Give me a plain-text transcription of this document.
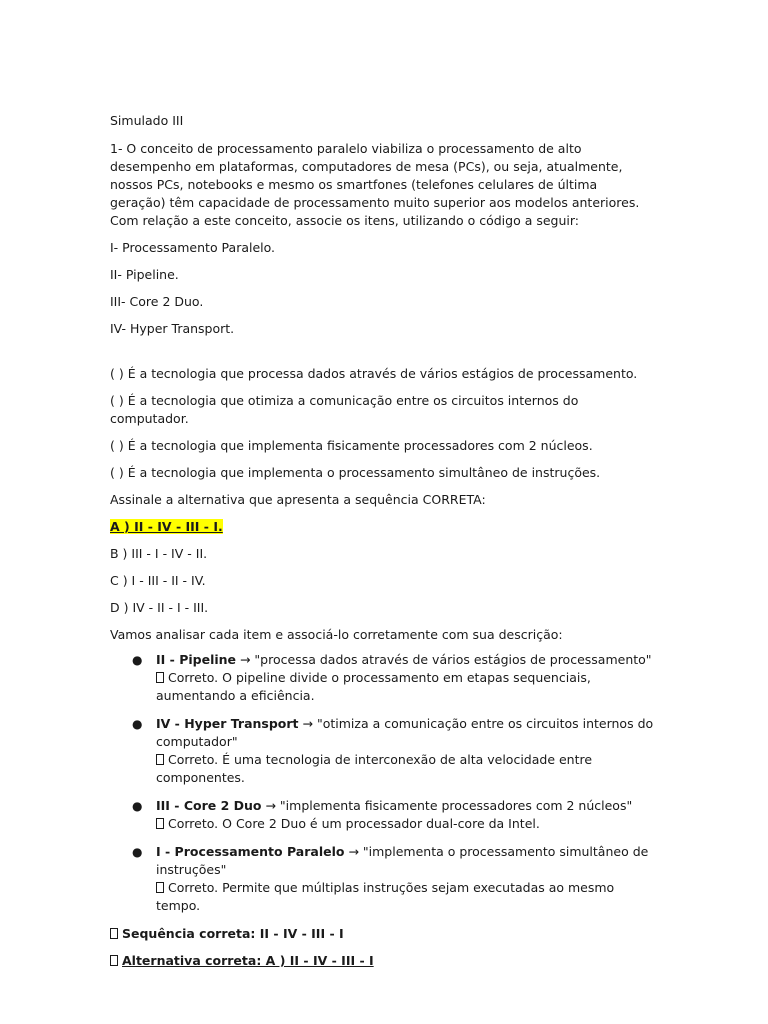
Simulado III

1- O conceito de processamento paralelo viabiliza o processamento de alto desempenho em plataformas, computadores de mesa (PCs), ou seja, atualmente, nossos PCs, notebooks e mesmo os smartfones (telefones celulares de última geração) têm capacidade de processamento muito superior aos modelos anteriores. Com relação a este conceito, associe os itens, utilizando o código a seguir:

I- Processamento Paralelo.

II- Pipeline.

III- Core 2 Duo.

IV- Hyper Transport.

( ) É a tecnologia que processa dados através de vários estágios de processamento.

( ) É a tecnologia que otimiza a comunicação entre os circuitos internos do computador.

( ) É a tecnologia que implementa fisicamente processadores com 2 núcleos.

( ) É a tecnologia que implementa o processamento simultâneo de instruções.

Assinale a alternativa que apresenta a sequência CORRETA:

A ) II - IV - III - I.

B ) III - I - IV - II.

C ) I - III - II - IV.

D ) IV - II - I - III.

Vamos analisar cada item e associá-lo corretamente com sua descrição:

● II - Pipeline → "processa dados através de vários estágios de processamento"
Correto. O pipeline divide o processamento em etapas sequenciais, aumentando a eficiência.
● IV - Hyper Transport → "otimiza a comunicação entre os circuitos internos do computador"
Correto. É uma tecnologia de interconexão de alta velocidade entre componentes.
● III - Core 2 Duo → "implementa fisicamente processadores com 2 núcleos"
Correto. O Core 2 Duo é um processador dual-core da Intel.
● I - Processamento Paralelo → "implementa o processamento simultâneo de instruções"
Correto. Permite que múltiplas instruções sejam executadas ao mesmo tempo.

Sequência correta: II - IV - III - I

Alternativa correta: A ) II - IV - III - I
